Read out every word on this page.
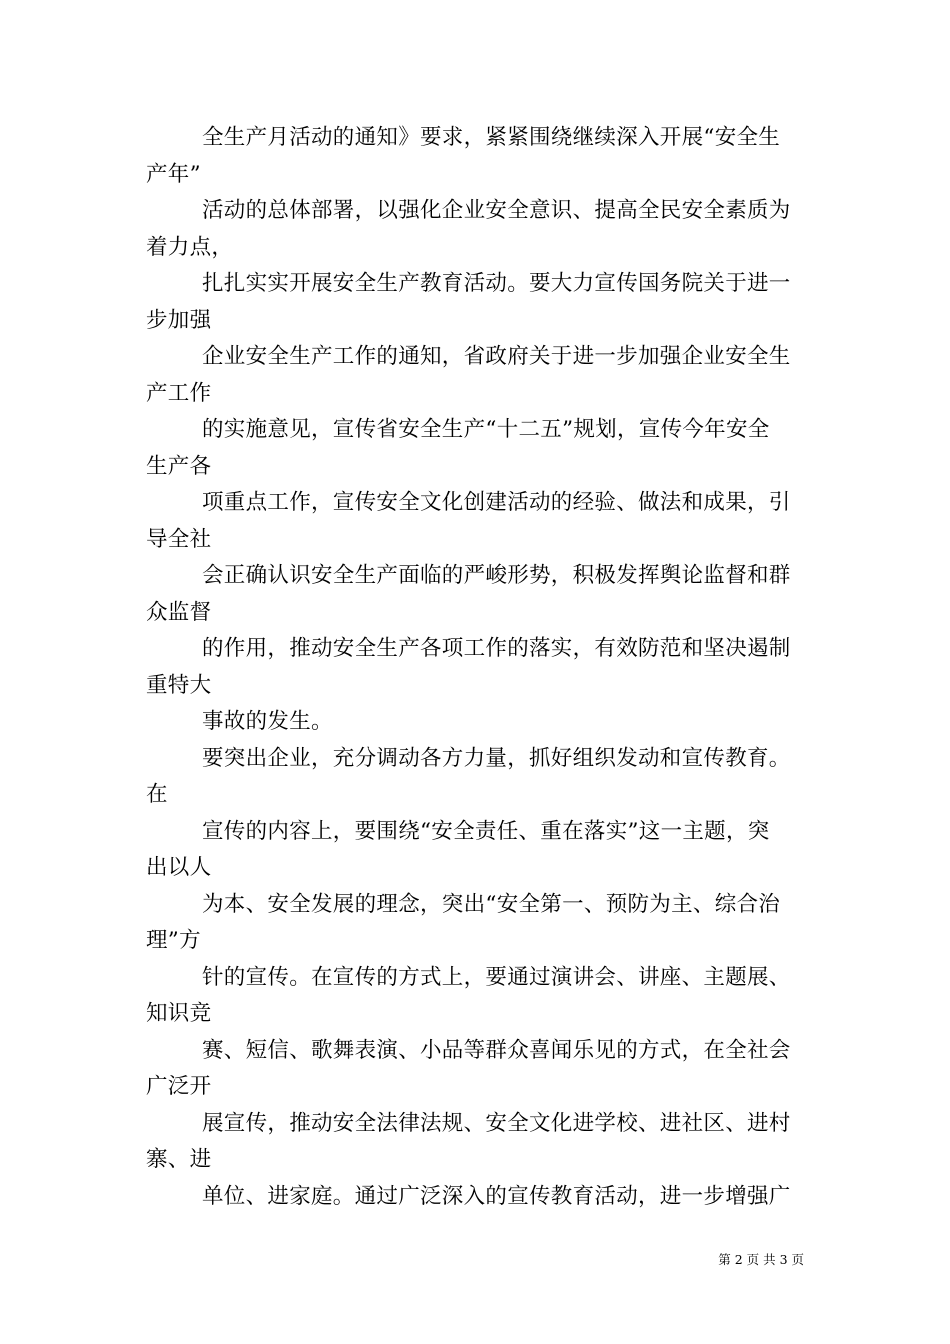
全生产月活动的通知》要求，紧紧围绕继续深入开展“安全生
产年”

活动的总体部署，以强化企业安全意识、提高全民安全素质为
着力点，

扎扎实实开展安全生产教育活动。要大力宣传国务院关于进一
步加强

企业安全生产工作的通知，省政府关于进一步加强企业安全生
产工作

的实施意见，宣传省安全生产“十二五”规划，宣传今年安全
生产各

项重点工作，宣传安全文化创建活动的经验、做法和成果，引
导全社

会正确认识安全生产面临的严峻形势，积极发挥舆论监督和群
众监督

的作用，推动安全生产各项工作的落实，有效防范和坚决遏制
重特大

事故的发生。

要突出企业，充分调动各方力量，抓好组织发动和宣传教育。
在

宣传的内容上，要围绕“安全责任、重在落实”这一主题，突
出以人

为本、安全发展的理念，突出“安全第一、预防为主、综合治
理”方

针的宣传。在宣传的方式上，要通过演讲会、讲座、主题展、
知识竞

赛、短信、歌舞表演、小品等群众喜闻乐见的方式，在全社会
广泛开

展宣传，推动安全法律法规、安全文化进学校、进社区、进村
寨、进

单位、进家庭。通过广泛深入的宣传教育活动，进一步增强广

第 2 页 共 3 页
